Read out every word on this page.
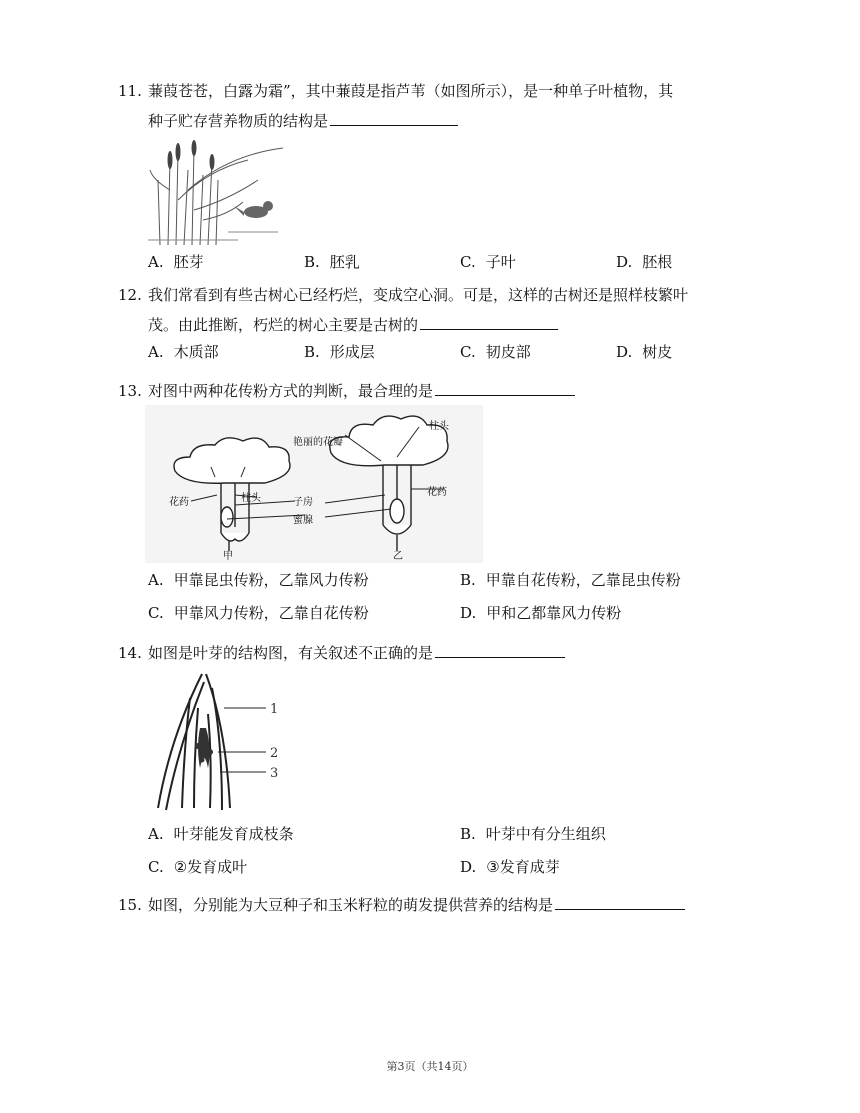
11. 蒹葭苍苍，白露为霜”，其中蒹葭是指芦苇（如图所示），是一种单子叶植物，其
种子贮存营养物质的结构是
A. 胚芽	B. 胚乳	C. 子叶	D. 胚根
12. 我们常看到有些古树心已经朽烂，变成空心洞。可是，这样的古树还是照样枝繁叶
茂。由此推断，朽烂的树心主要是古树的
A. 木质部	B. 形成层	C. 韧皮部	D. 树皮
13. 对图中两种花传粉方式的判断，最合理的是
艳丽的花瓣
柱头
柱头
花药
花药
子房
蜜腺
甲	乙
A. 甲靠昆虫传粉，乙靠风力传粉	B. 甲靠自花传粉，乙靠昆虫传粉
C. 甲靠风力传粉，乙靠自花传粉	D. 甲和乙都靠风力传粉
14. 如图是叶芽的结构图，有关叙述不正确的是
1
2
3
A. 叶芽能发育成枝条	B. 叶芽中有分生组织
C. ②发育成叶	D. ③发育成芽
15. 如图，分别能为大豆种子和玉米籽粒的萌发提供营养的结构是
第3页（共14页）
